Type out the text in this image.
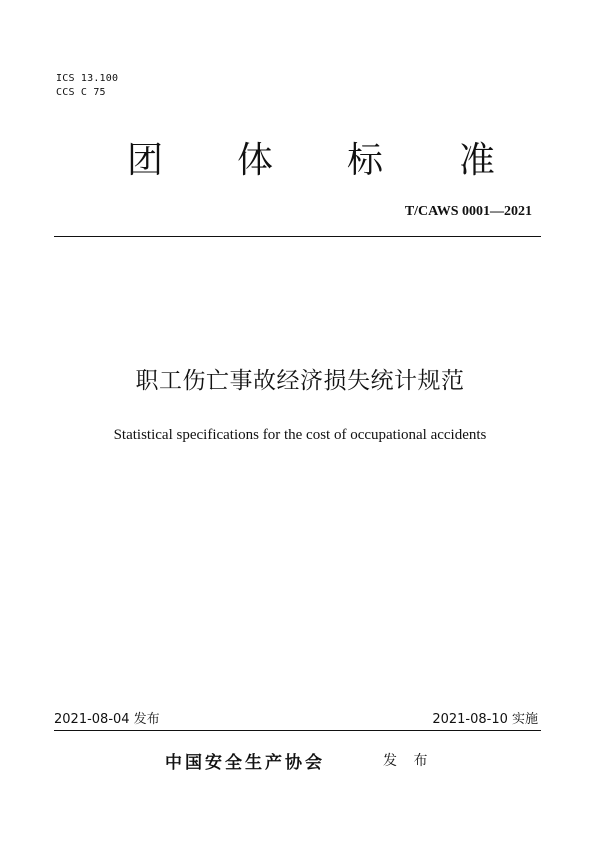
ICS 13.100
CCS C 75
团 体 标 准
T/CAWS 0001—2021
职工伤亡事故经济损失统计规范
Statistical specifications for the cost of occupational accidents
2021-08-04 发布	2021-08-10 实施
中国安全生产协会	发 布
